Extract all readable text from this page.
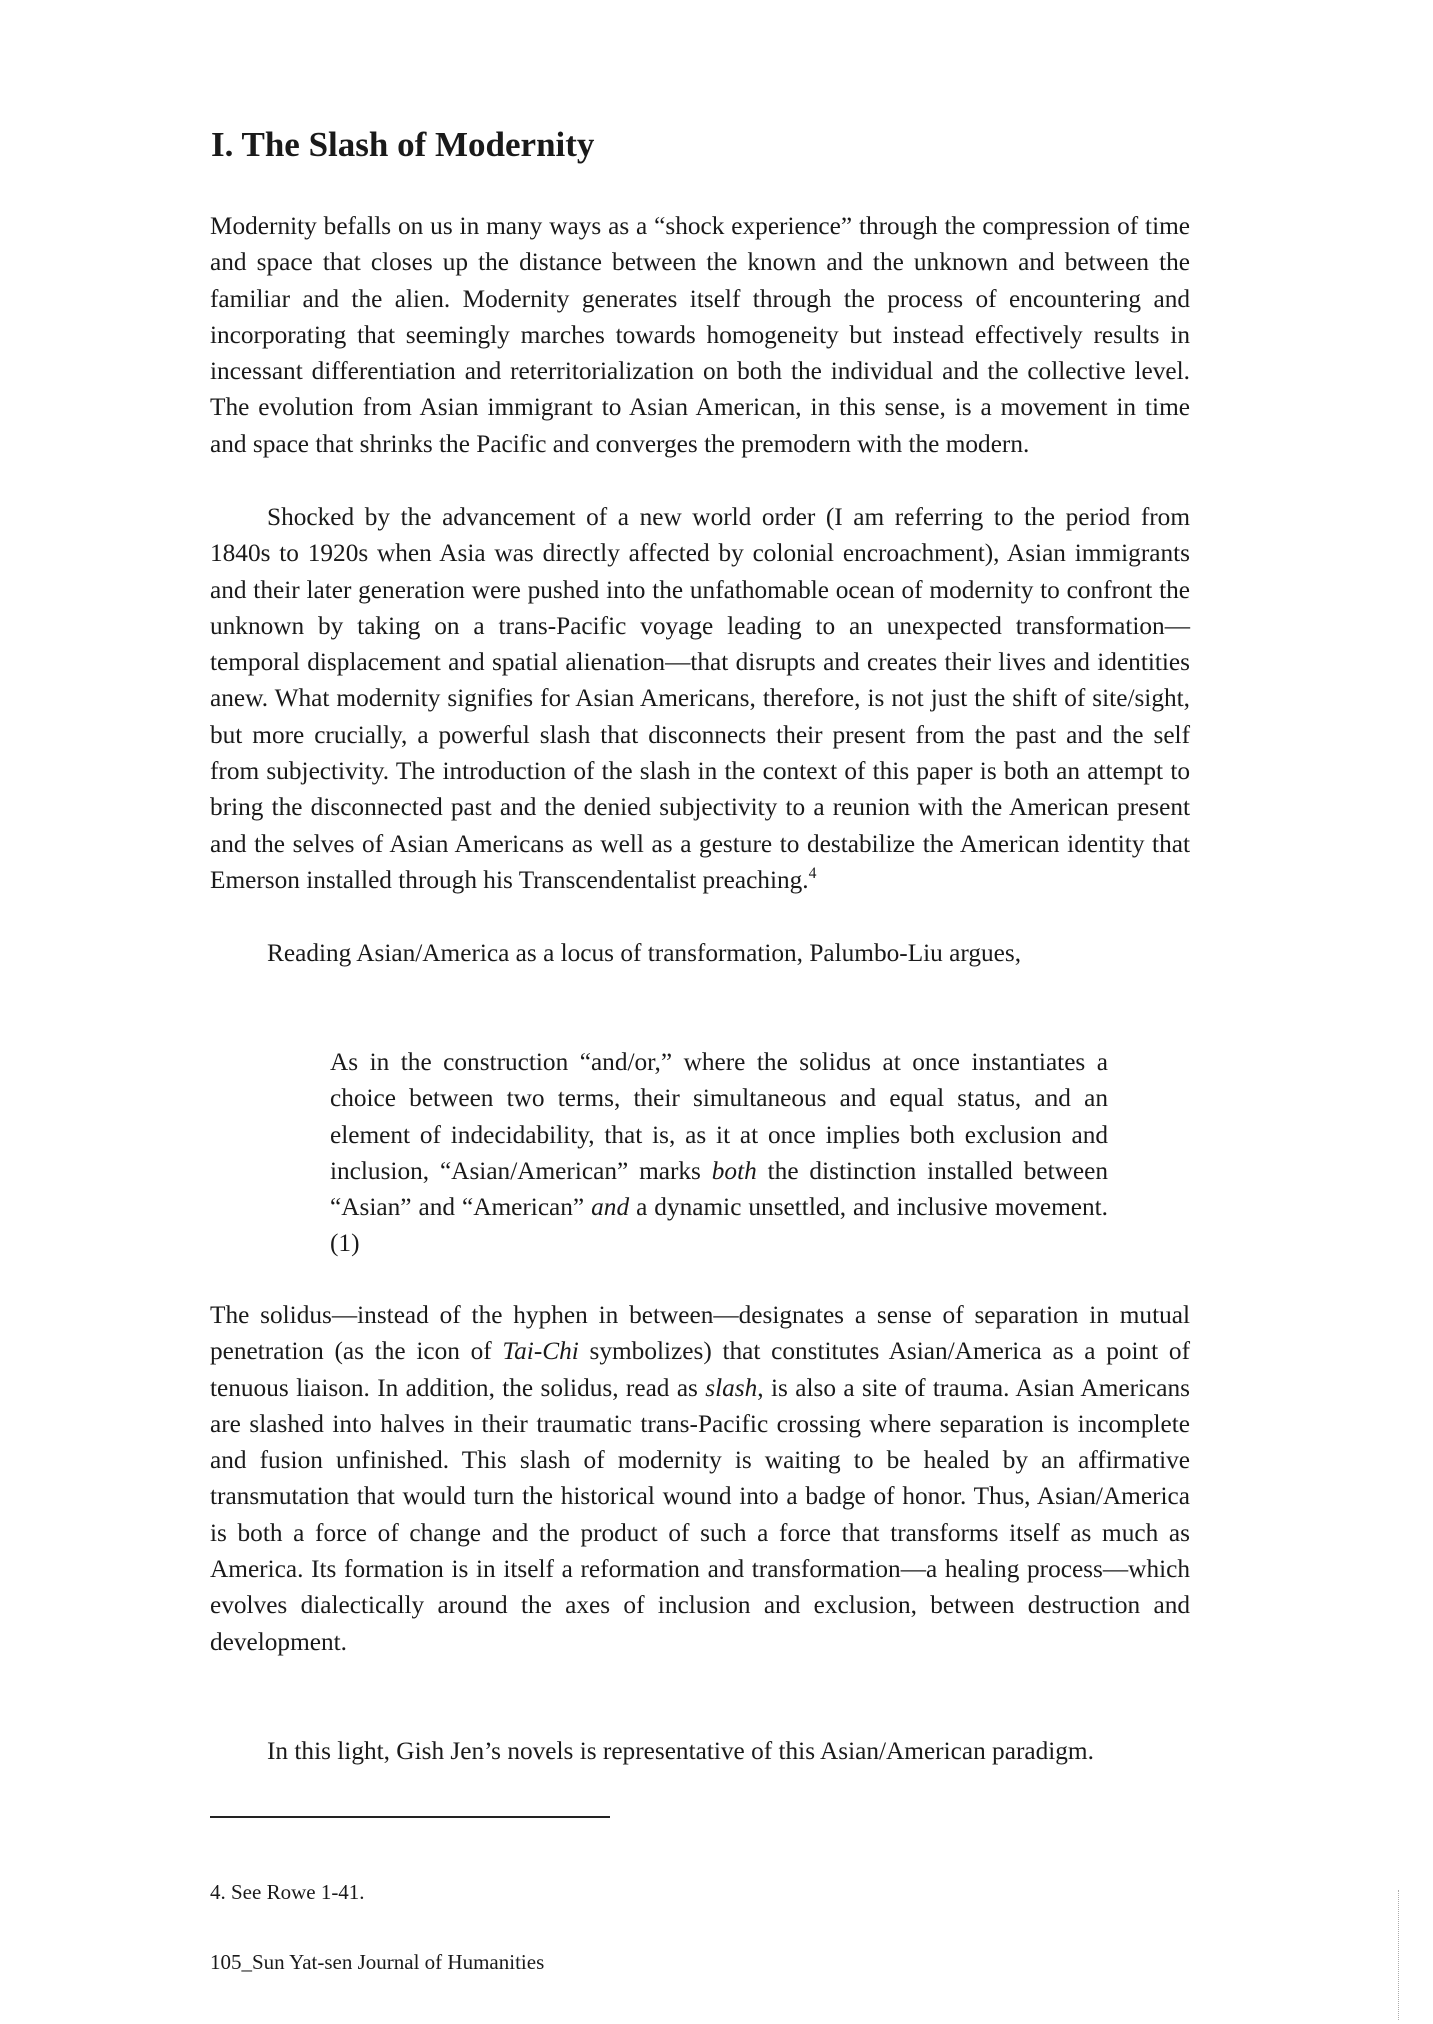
I. The Slash of Modernity

Modernity befalls on us in many ways as a “shock experience” through the compression of time and space that closes up the distance between the known and the unknown and between the familiar and the alien. Modernity generates itself through the process of encountering and incorporating that seemingly marches towards homogeneity but instead effectively results in incessant differentiation and reterritorialization on both the individual and the collective level. The evolution from Asian immigrant to Asian American, in this sense, is a movement in time and space that shrinks the Pacific and converges the premodern with the modern.

Shocked by the advancement of a new world order (I am referring to the period from 1840s to 1920s when Asia was directly affected by colonial encroachment), Asian immigrants and their later generation were pushed into the unfathomable ocean of modernity to confront the unknown by taking on a trans-Pacific voyage leading to an unexpected transformation—temporal displacement and spatial alienation—that disrupts and creates their lives and identities anew. What modernity signifies for Asian Americans, therefore, is not just the shift of site/sight, but more crucially, a powerful slash that disconnects their present from the past and the self from subjectivity. The introduction of the slash in the context of this paper is both an attempt to bring the disconnected past and the denied subjectivity to a reunion with the American present and the selves of Asian Americans as well as a gesture to destabilize the American identity that Emerson installed through his Transcendentalist preaching.$^4$

Reading Asian/America as a locus of transformation, Palumbo-Liu argues,

As in the construction “and/or,” where the solidus at once instantiates a choice between two terms, their simultaneous and equal status, and an element of indecidability, that is, as it at once implies both exclusion and inclusion, “Asian/American” marks both the distinction installed between “Asian” and “American” and a dynamic unsettled, and inclusive movement. (1)

The solidus—instead of the hyphen in between—designates a sense of separation in mutual penetration (as the icon of Tai-Chi symbolizes) that constitutes Asian/America as a point of tenuous liaison. In addition, the solidus, read as slash, is also a site of trauma. Asian Americans are slashed into halves in their traumatic trans-Pacific crossing where separation is incomplete and fusion unfinished. This slash of modernity is waiting to be healed by an affirmative transmutation that would turn the historical wound into a badge of honor. Thus, Asian/America is both a force of change and the product of such a force that transforms itself as much as America. Its formation is in itself a reformation and transformation—a healing process—which evolves dialectically around the axes of inclusion and exclusion, between destruction and development.

In this light, Gish Jen’s novels is representative of this Asian/American paradigm.

4. See Rowe 1-41.

105_Sun Yat-sen Journal of Humanities
